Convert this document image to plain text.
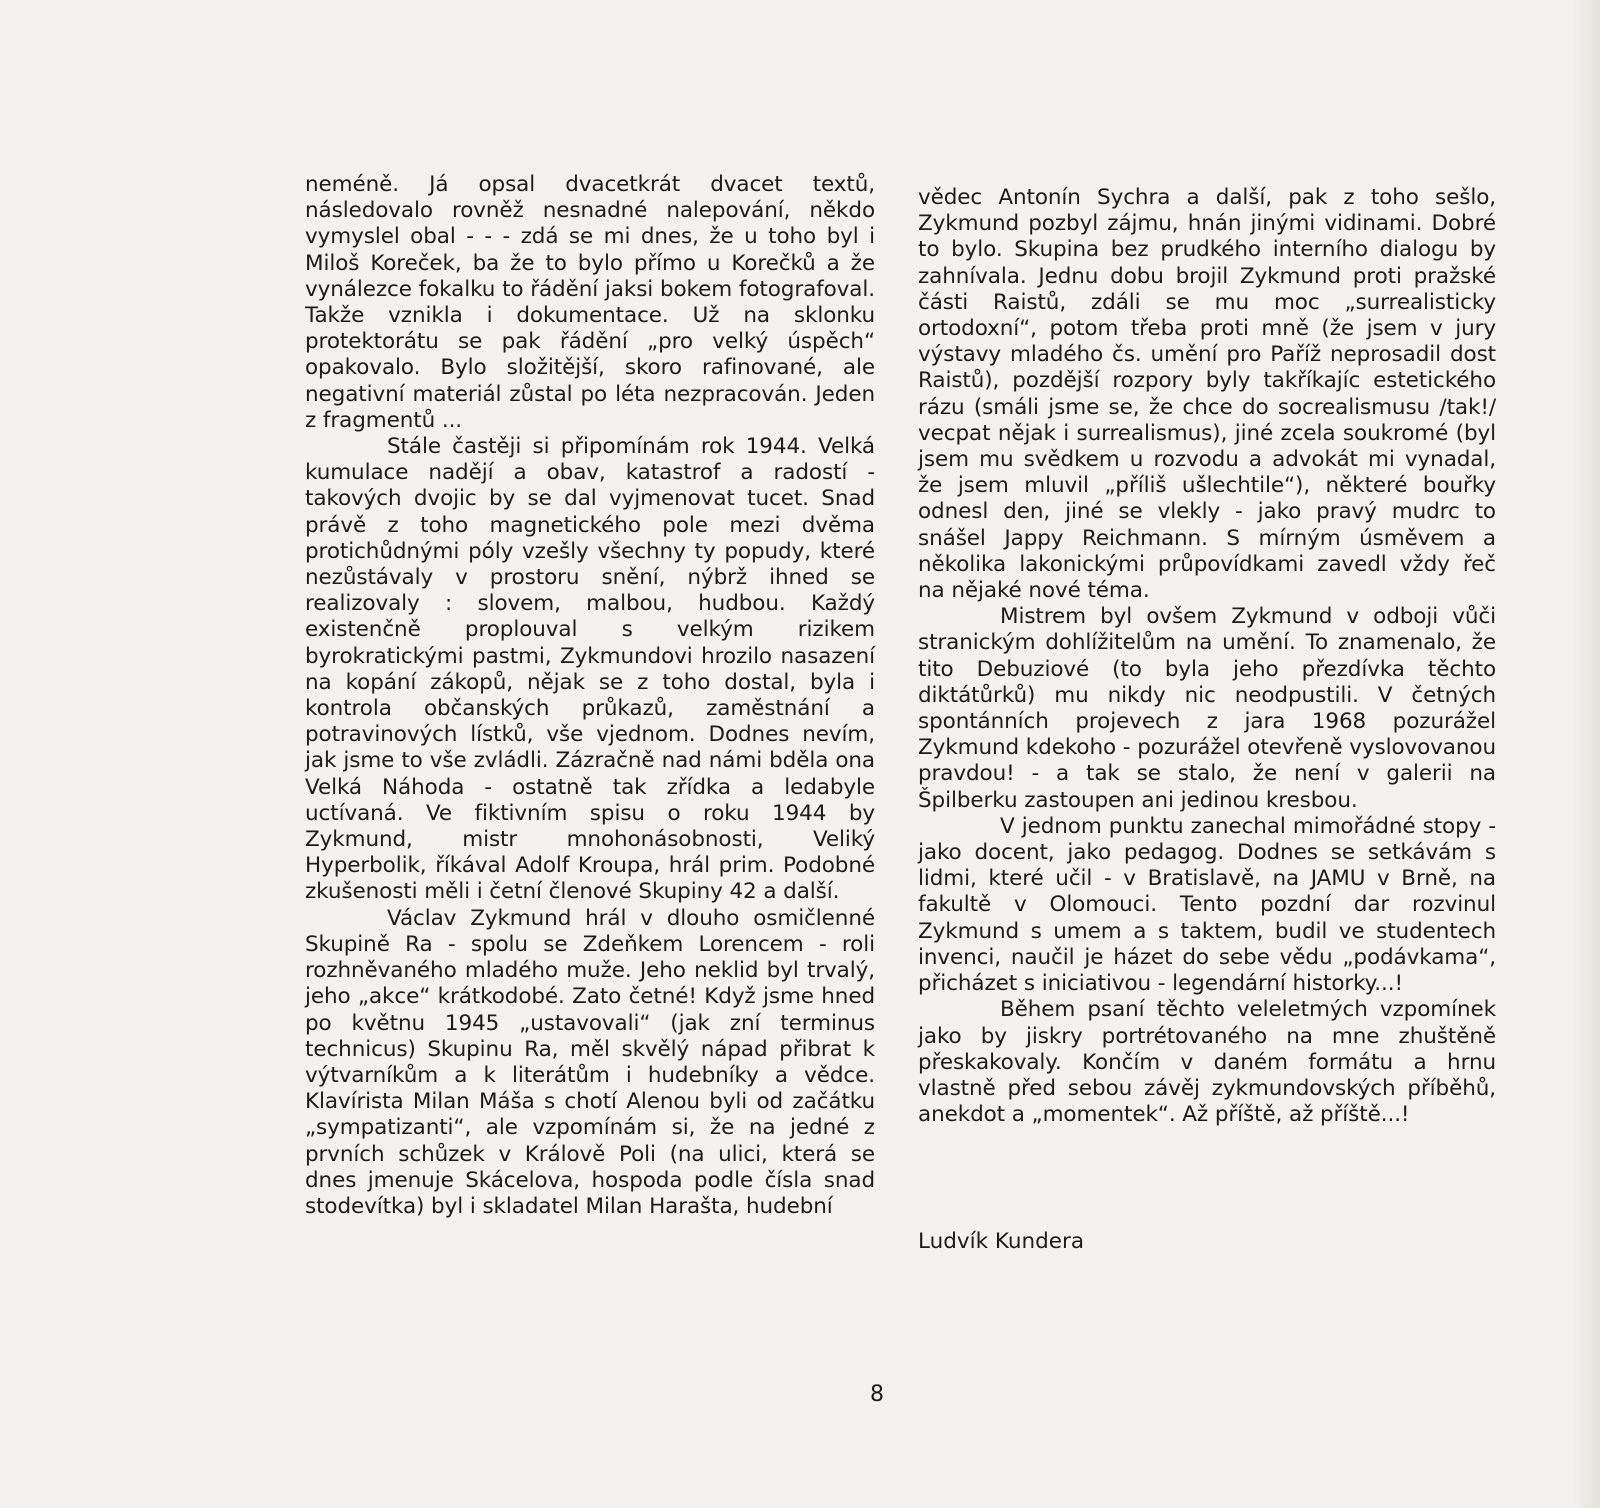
neméně. Já opsal dvacetkrát dvacet textů, následovalo rovněž nesnadné nalepování, někdo vymyslel obal - - - zdá se mi dnes, že u toho byl i Miloš Koreček, ba že to bylo přímo u Korečků a že vynálezce fokalku to řádění jaksi bokem fotografoval. Takže vznikla i dokumentace. Už na sklonku protektorátu se pak řádění „pro velký úspěch“ opakovalo. Bylo složitější, skoro rafinované, ale negativní materiál zůstal po léta nezpracován. Jeden z fragmentů ...

Stále častěji si připomínám rok 1944. Velká kumulace nadějí a obav, katastrof a radostí - takových dvojic by se dal vyjmenovat tucet. Snad právě z toho magnetického pole mezi dvěma protichůdnými póly vzešly všechny ty popudy, které nezůstávaly v prostoru snění, nýbrž ihned se realizovaly : slovem, malbou, hudbou. Každý existenčně proplouval s velkým rizikem byrokratickými pastmi, Zykmundovi hrozilo nasazení na kopání zákopů, nějak se z toho dostal, byla i kontrola občanských průkazů, zaměstnání a potravinových lístků, vše vjednom. Dodnes nevím, jak jsme to vše zvládli. Zázračně nad námi bděla ona Velká Náhoda - ostatně tak zřídka a ledabyle uctívaná. Ve fiktivním spisu o roku 1944 by Zykmund, mistr mnohonásobnosti, Veliký Hyperbolik, říkával Adolf Kroupa, hrál prim. Podobné zkušenosti měli i četní členové Skupiny 42 a další.

Václav Zykmund hrál v dlouho osmičlenné Skupině Ra - spolu se Zdeňkem Lorencem - roli rozhněvaného mladého muže. Jeho neklid byl trvalý, jeho „akce“ krátkodobé. Zato četné! Když jsme hned po květnu 1945 „ustavovali“ (jak zní terminus technicus) Skupinu Ra, měl skvělý nápad přibrat k výtvarníkům a k literátům i hudebníky a vědce. Klavírista Milan Máša s chotí Alenou byli od začátku „sympatizanti“, ale vzpomínám si, že na jedné z prvních schůzek v Králově Poli (na ulici, která se dnes jmenuje Skácelova, hospoda podle čísla snad stodevítka) byl i skladatel Milan Harašta, hudební

vědec Antonín Sychra a další, pak z toho sešlo, Zykmund pozbyl zájmu, hnán jinými vidinami. Dobré to bylo. Skupina bez prudkého interního dialogu by zahnívala. Jednu dobu brojil Zykmund proti pražské části Raistů, zdáli se mu moc „surrealisticky ortodoxní“, potom třeba proti mně (že jsem v jury výstavy mladého čs. umění pro Paříž neprosadil dost Raistů), pozdější rozpory byly takříkajíc estetického rázu (smáli jsme se, že chce do socrealismusu /tak!/ vecpat nějak i surrealismus), jiné zcela soukromé (byl jsem mu svědkem u rozvodu a advokát mi vynadal, že jsem mluvil „příliš ušlechtile“), některé bouřky odnesl den, jiné se vlekly - jako pravý mudrc to snášel Jappy Reichmann. S mírným úsměvem a několika lakonickými průpovídkami zavedl vždy řeč na nějaké nové téma.

Mistrem byl ovšem Zykmund v odboji vůči stranickým dohlížitelům na umění. To znamenalo, že tito Debuziové (to byla jeho přezdívka těchto diktátůrků) mu nikdy nic neodpustili. V četných spontánních projevech z jara 1968 pozurážel Zykmund kdekoho - pozurážel otevřeně vyslovovanou pravdou! - a tak se stalo, že není v galerii na Špilberku zastoupen ani jedinou kresbou.

V jednom punktu zanechal mimořádné stopy - jako docent, jako pedagog. Dodnes se setkávám s lidmi, které učil - v Bratislavě, na JAMU v Brně, na fakultě v Olomouci. Tento pozdní dar rozvinul Zykmund s umem a s taktem, budil ve studentech invenci, naučil je házet do sebe vědu „podávkama“, přicházet s iniciativou - legendární historky...!

Během psaní těchto veleletmých vzpomínek jako by jiskry portrétovaného na mne zhuštěně přeskakovaly. Končím v daném formátu a hrnu vlastně před sebou závěj zykmundovských příběhů, anekdot a „momentek“. Až příště, až příště...!

Ludvík Kundera
8
